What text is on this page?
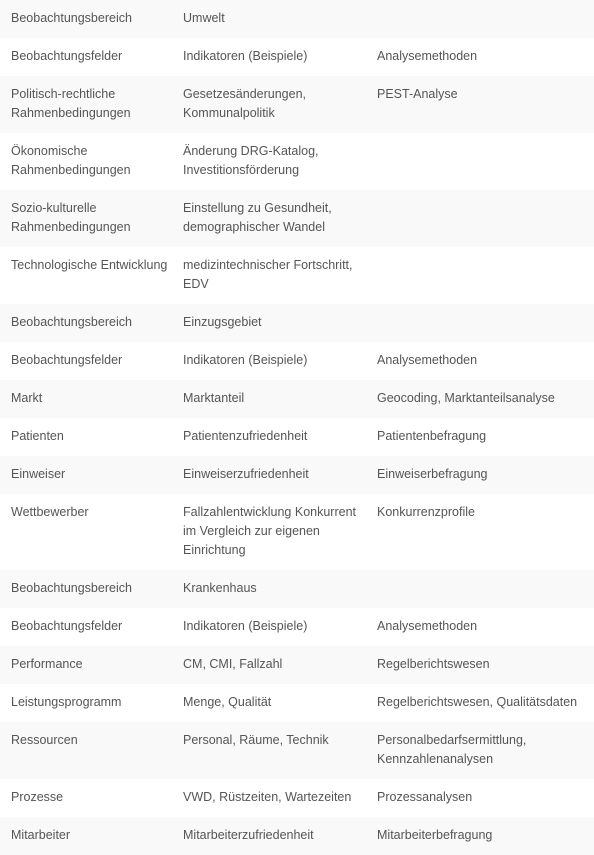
Beobachtungsbereich	Umwelt	
Beobachtungsfelder	Indikatoren (Beispiele)	Analysemethoden
Politisch-rechtliche Rahmenbedingungen	Gesetzesänderungen, Kommunalpolitik	PEST-Analyse
Ökonomische Rahmenbedingungen	Änderung DRG-Katalog, Investitionsförderung	
Sozio-kulturelle Rahmenbedingungen	Einstellung zu Gesundheit, demographischer Wandel	
Technologische Entwicklung	medizintechnischer Fortschritt, EDV	
Beobachtungsbereich	Einzugsgebiet	
Beobachtungsfelder	Indikatoren (Beispiele)	Analysemethoden
Markt	Marktanteil	Geocoding, Marktanteilsanalyse
Patienten	Patientenzufriedenheit	Patientenbefragung
Einweiser	Einweiserzufriedenheit	Einweiserbefragung
Wettbewerber	Fallzahlentwicklung Konkurrent im Vergleich zur eigenen Einrichtung	Konkurrenzprofile
Beobachtungsbereich	Krankenhaus	
Beobachtungsfelder	Indikatoren (Beispiele)	Analysemethoden
Performance	CM, CMI, Fallzahl	Regelberichtswesen
Leistungsprogramm	Menge, Qualität	Regelberichtswesen, Qualitätsdaten
Ressourcen	Personal, Räume, Technik	Personalbedarfsermittlung, Kennzahlenanalysen
Prozesse	VWD, Rüstzeiten, Wartezeiten	Prozessanalysen
Mitarbeiter	Mitarbeiterzufriedenheit	Mitarbeiterbefragung
